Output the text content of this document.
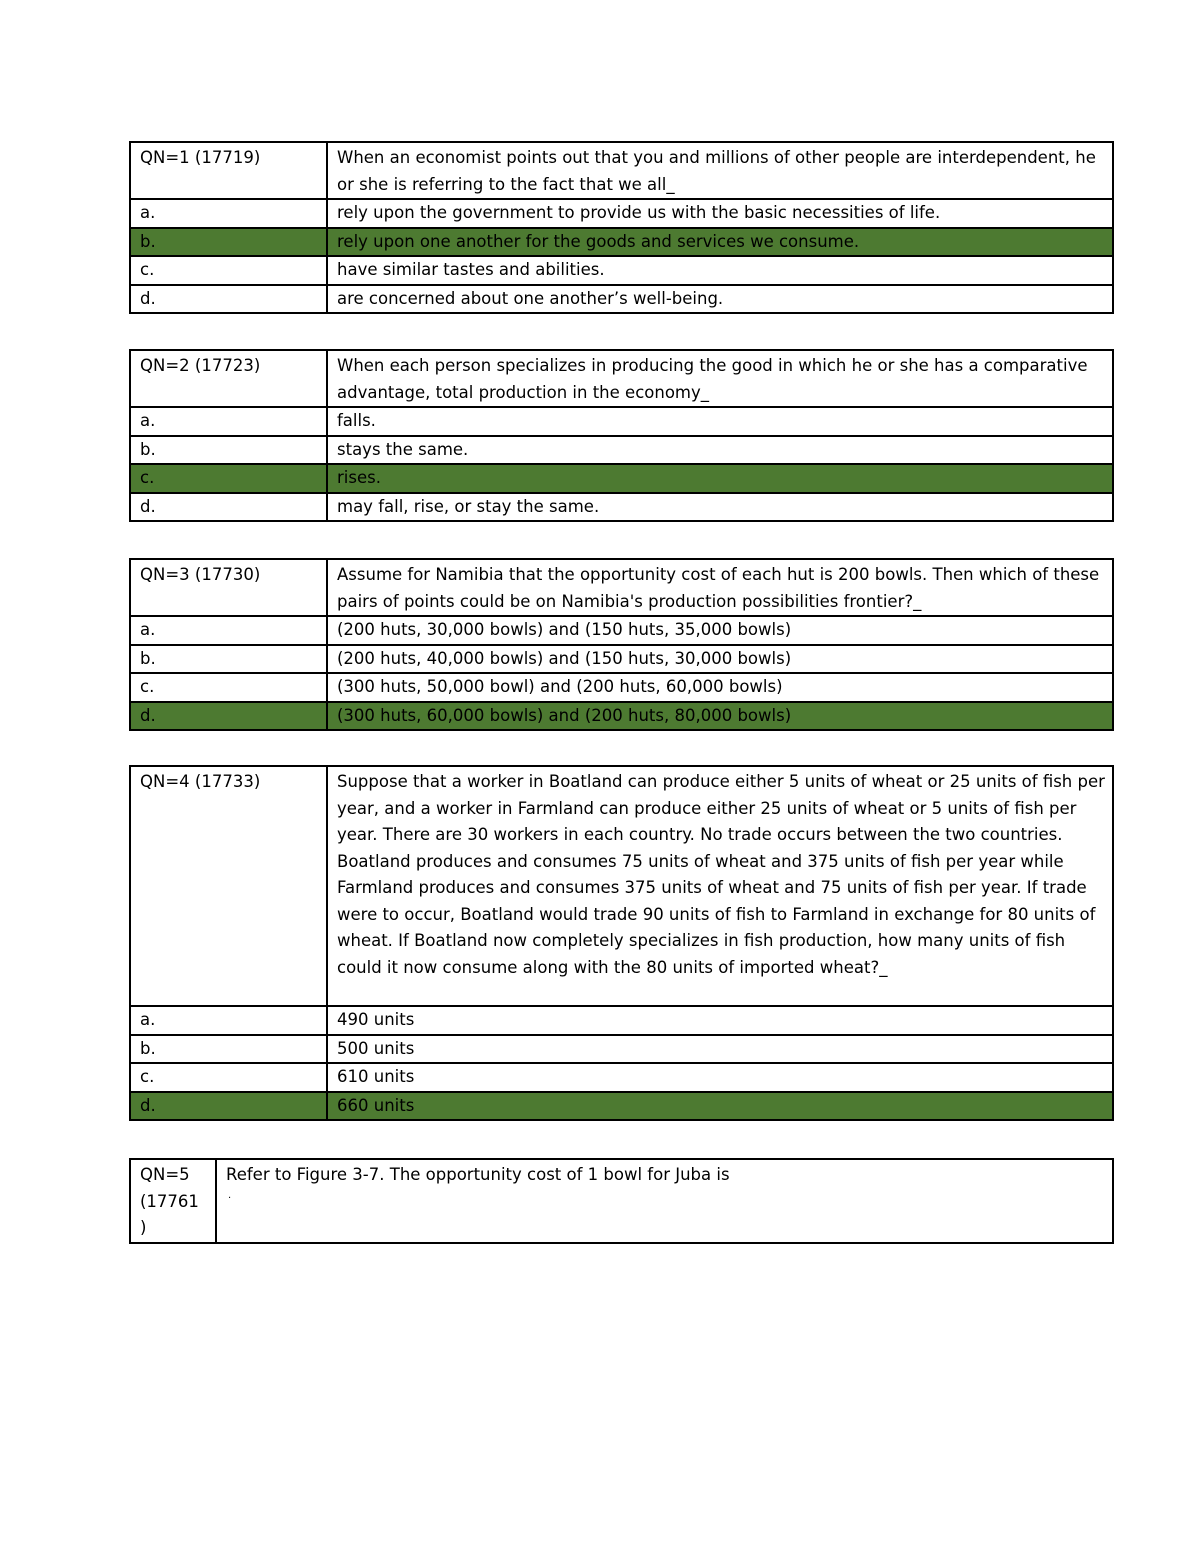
QN=1 (17719)	When an economist points out that you and millions of other people are interdependent, he or she is referring to the fact that we all_
a.	rely upon the government to provide us with the basic necessities of life.
b.	rely upon one another for the goods and services we consume.
c.	have similar tastes and abilities.
d.	are concerned about one another’s well-being.
QN=2 (17723)	When each person specializes in producing the good in which he or she has a comparative advantage, total production in the economy_
a.	falls.
b.	stays the same.
c.	rises.
d.	may fall, rise, or stay the same.
QN=3 (17730)	Assume for Namibia that the opportunity cost of each hut is 200 bowls. Then which of these pairs of points could be on Namibia's production possibilities frontier?_
a.	(200 huts, 30,000 bowls) and (150 huts, 35,000 bowls)
b.	(200 huts, 40,000 bowls) and (150 huts, 30,000 bowls)
c.	(300 huts, 50,000 bowl) and (200 huts, 60,000 bowls)
d.	(300 huts, 60,000 bowls) and (200 huts, 80,000 bowls)
QN=4 (17733)	Suppose that a worker in Boatland can produce either 5 units of wheat or 25 units of fish per year, and a worker in Farmland can produce either 25 units of wheat or 5 units of fish per year. There are 30 workers in each country. No trade occurs between the two countries. Boatland produces and consumes 75 units of wheat and 375 units of fish per year while Farmland produces and consumes 375 units of wheat and 75 units of fish per year. If trade were to occur, Boatland would trade 90 units of fish to Farmland in exchange for 80 units of wheat. If Boatland now completely specializes in fish production, how many units of fish could it now consume along with the 80 units of imported wheat?_
a.	490 units
b.	500 units
c.	610 units
d.	660 units
QN=5 (17761 )	Refer to Figure 3-7. The opportunity cost of 1 bowl for Juba is
.
